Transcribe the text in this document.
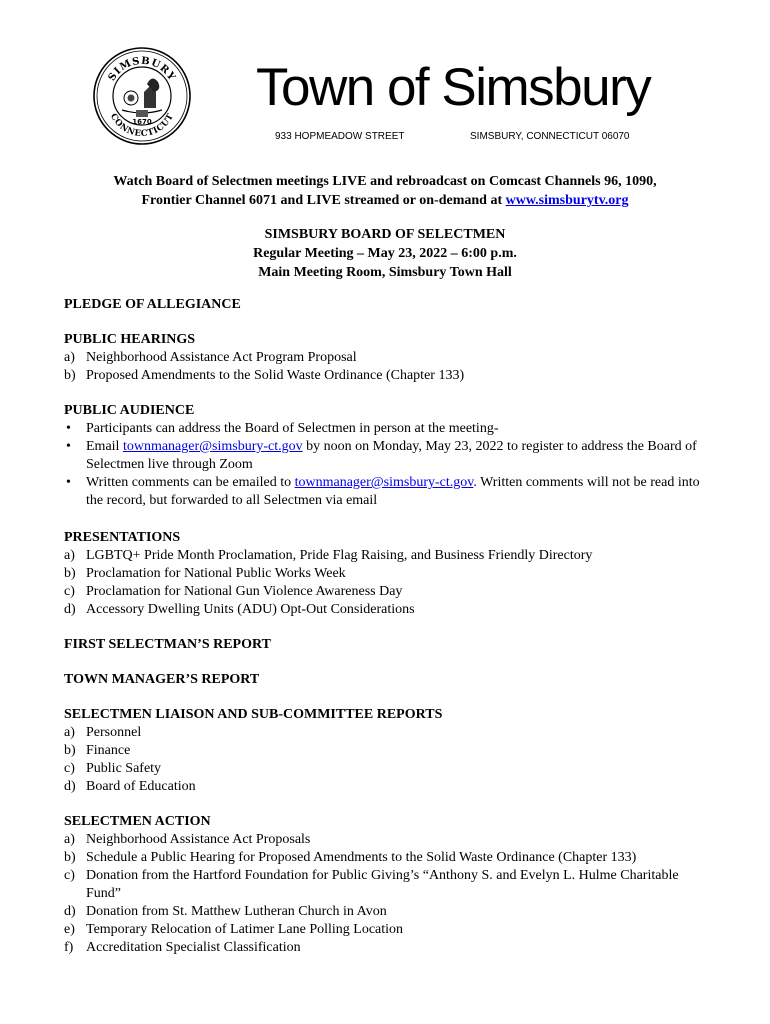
SIMSBURY
CONNECTICUT
1670
Town of Simsbury
933 HOPMEADOW STREET	SIMSBURY, CONNECTICUT 06070
Watch Board of Selectmen meetings LIVE and rebroadcast on Comcast Channels 96, 1090,
Frontier Channel 6071 and LIVE streamed or on-demand at www.simsburytv.org
SIMSBURY BOARD OF SELECTMEN
Regular Meeting – May 23, 2022 – 6:00 p.m.
Main Meeting Room, Simsbury Town Hall
PLEDGE OF ALLEGIANCE
PUBLIC HEARINGS
a) Neighborhood Assistance Act Program Proposal
b) Proposed Amendments to the Solid Waste Ordinance (Chapter 133)
PUBLIC AUDIENCE
• Participants can address the Board of Selectmen in person at the meeting-
• Email townmanager@simsbury-ct.gov by noon on Monday, May 23, 2022 to register to address the Board of Selectmen live through Zoom
• Written comments can be emailed to townmanager@simsbury-ct.gov. Written comments will not be read into the record, but forwarded to all Selectmen via email
PRESENTATIONS
a) LGBTQ+ Pride Month Proclamation, Pride Flag Raising, and Business Friendly Directory
b) Proclamation for National Public Works Week
c) Proclamation for National Gun Violence Awareness Day
d) Accessory Dwelling Units (ADU) Opt-Out Considerations
FIRST SELECTMAN’S REPORT
TOWN MANAGER’S REPORT
SELECTMEN LIAISON AND SUB-COMMITTEE REPORTS
a) Personnel
b) Finance
c) Public Safety
d) Board of Education
SELECTMEN ACTION
a) Neighborhood Assistance Act Proposals
b) Schedule a Public Hearing for Proposed Amendments to the Solid Waste Ordinance (Chapter 133)
c) Donation from the Hartford Foundation for Public Giving’s “Anthony S. and Evelyn L. Hulme Charitable Fund”
d) Donation from St. Matthew Lutheran Church in Avon
e) Temporary Relocation of Latimer Lane Polling Location
f) Accreditation Specialist Classification
